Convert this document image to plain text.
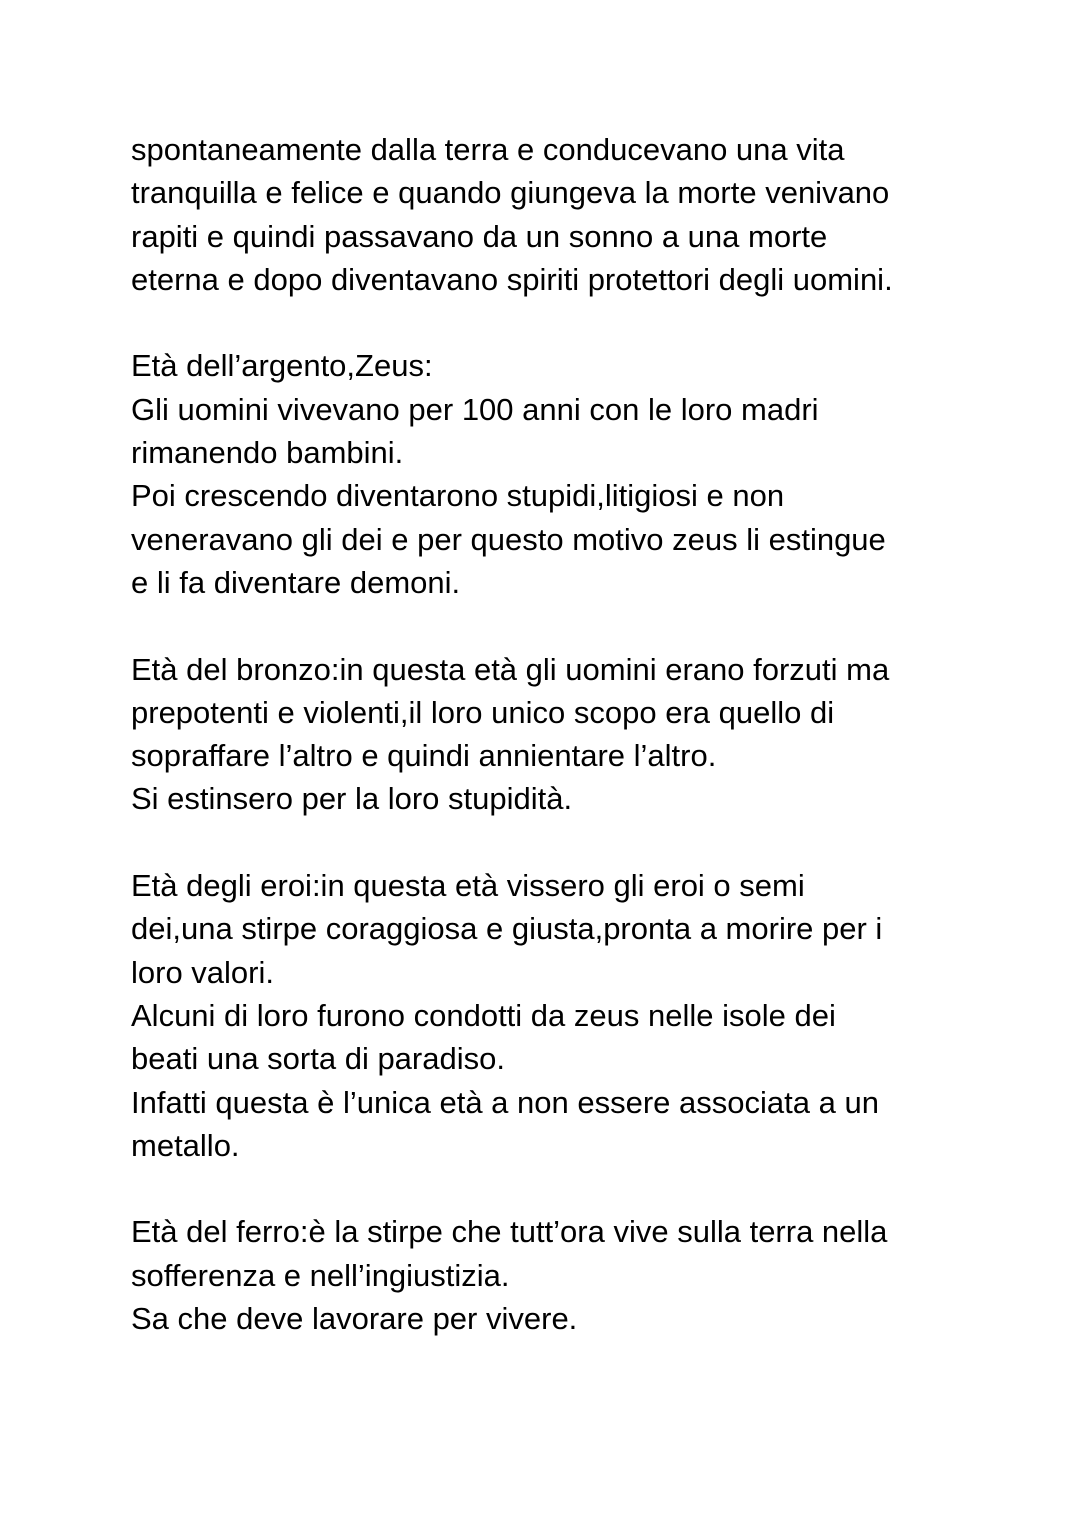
spontaneamente dalla terra e conducevano una vita
tranquilla e felice e quando giungeva la morte venivano
rapiti e quindi passavano da un sonno a una morte
eterna e dopo diventavano spiriti protettori degli uomini.

Età dell’argento,Zeus:
Gli uomini vivevano per 100 anni con le loro madri
rimanendo bambini.
Poi crescendo diventarono stupidi,litigiosi e non
veneravano gli dei e per questo motivo zeus li estingue
e li fa diventare demoni.

Età del bronzo:in questa età gli uomini erano forzuti ma
prepotenti e violenti,il loro unico scopo era quello di
sopraffare l’altro e quindi annientare l’altro.
Si estinsero per la loro stupidità.

Età degli eroi:in questa età vissero gli eroi o semi
dei,una stirpe coraggiosa e giusta,pronta a morire per i
loro valori.
Alcuni di loro furono condotti da zeus nelle isole dei
beati una sorta di paradiso.
Infatti questa è l’unica età a non essere associata a un
metallo.

Età del ferro:è la stirpe che tutt’ora vive sulla terra nella
sofferenza e nell’ingiustizia.
Sa che deve lavorare per vivere.
